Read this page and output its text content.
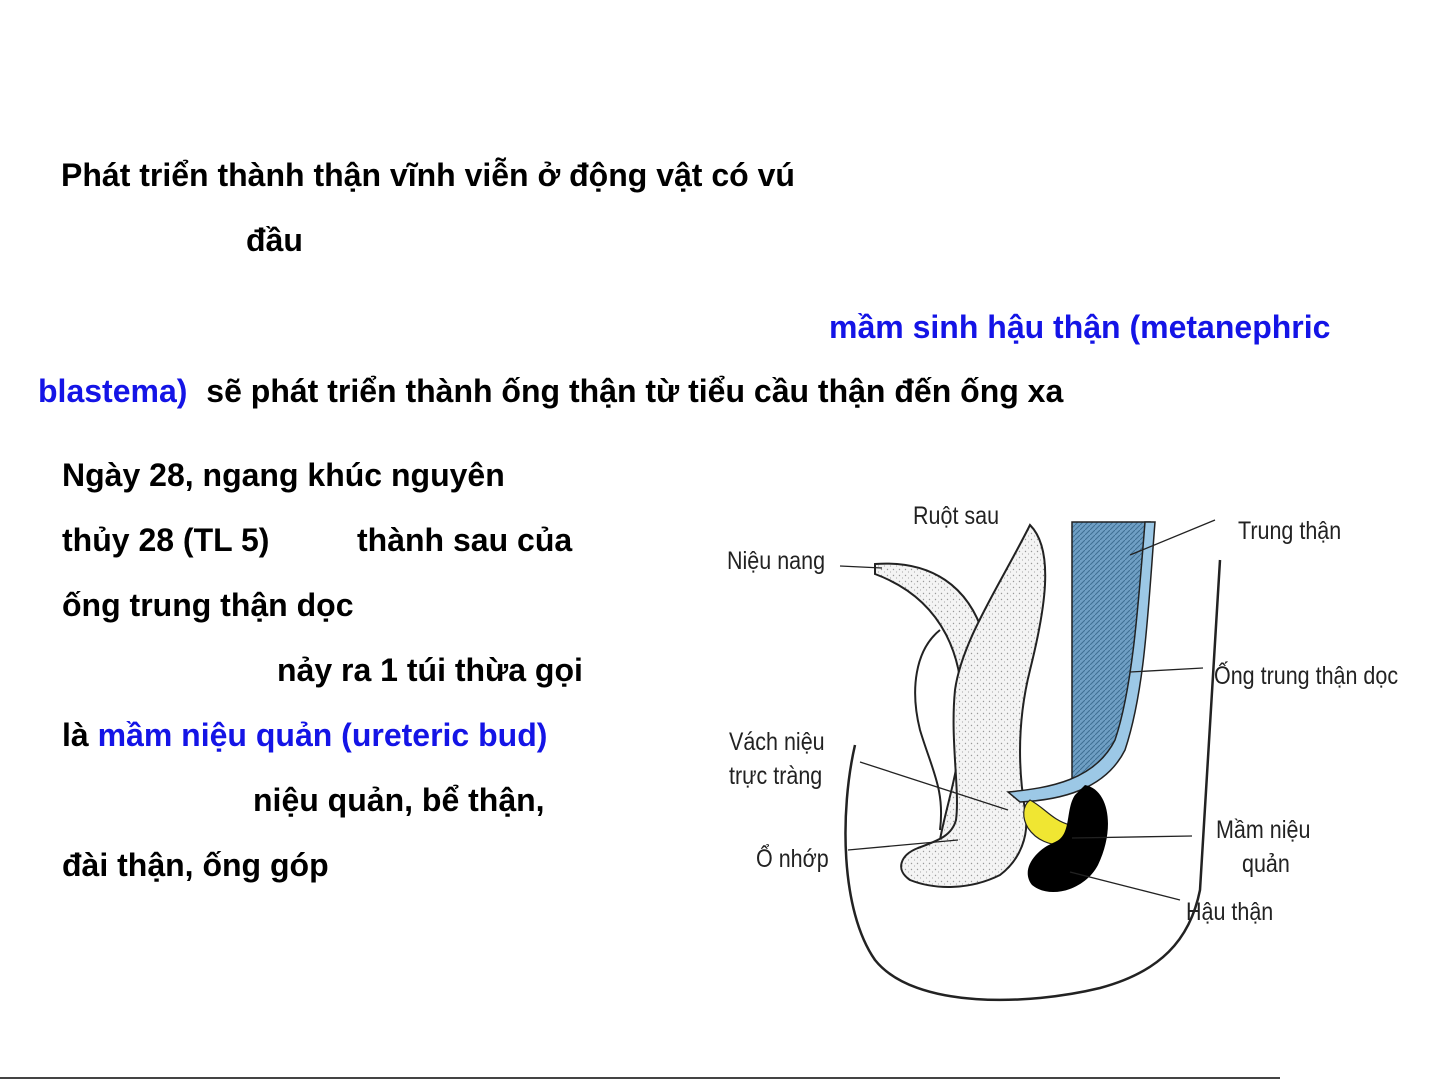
Phát triển thành thận vĩnh viễn ở động vật có vú
đầu
mầm sinh hậu thận (metanephric
blastema) sẽ phát triển thành ống thận từ tiểu cầu thận đến ống xa
Ngày 28, ngang khúc nguyên
thủy 28 (TL 5)	thành sau của
ống trung thận dọc
nảy ra 1 túi thừa gọi
là mầm niệu quản (ureteric bud)
niệu quản, bể thận,
đài thận, ống góp
Ruột sau
Niệu nang
Trung thận
Ống trung thận dọc
Vách niệu
trực tràng
Ổ nhớp
Mầm niệu
quản
Hậu thận
